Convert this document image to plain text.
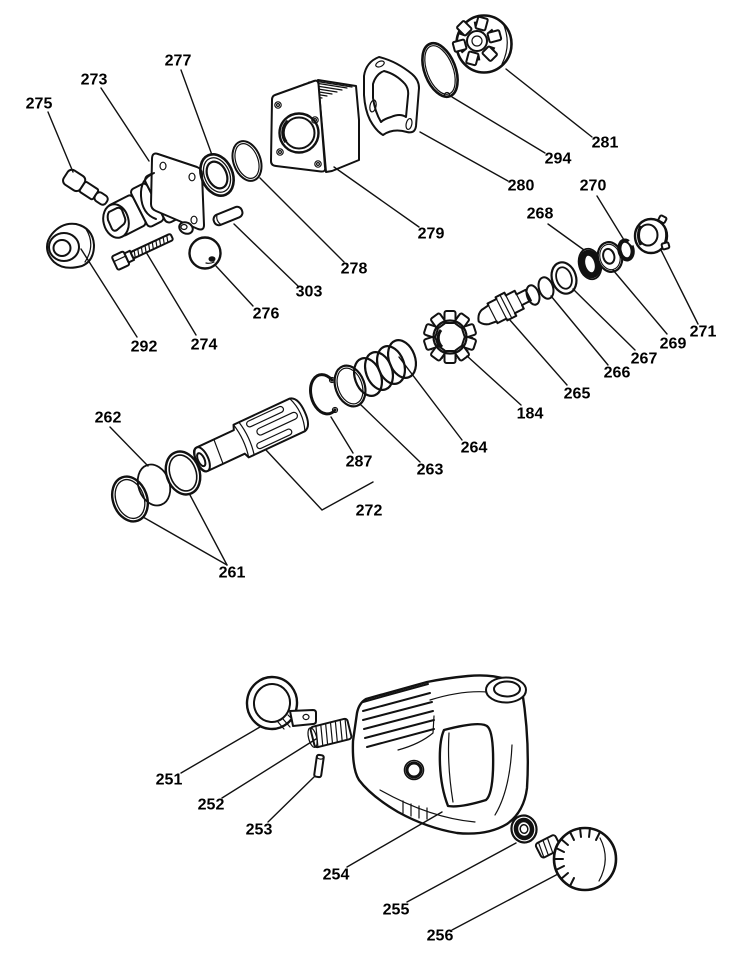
275
273
277
279
278
303
276
292 274
280
294
281
270
268
271
269
267
266
265
184
264
263
287
272
262
261
251
252
253
254
255
256
